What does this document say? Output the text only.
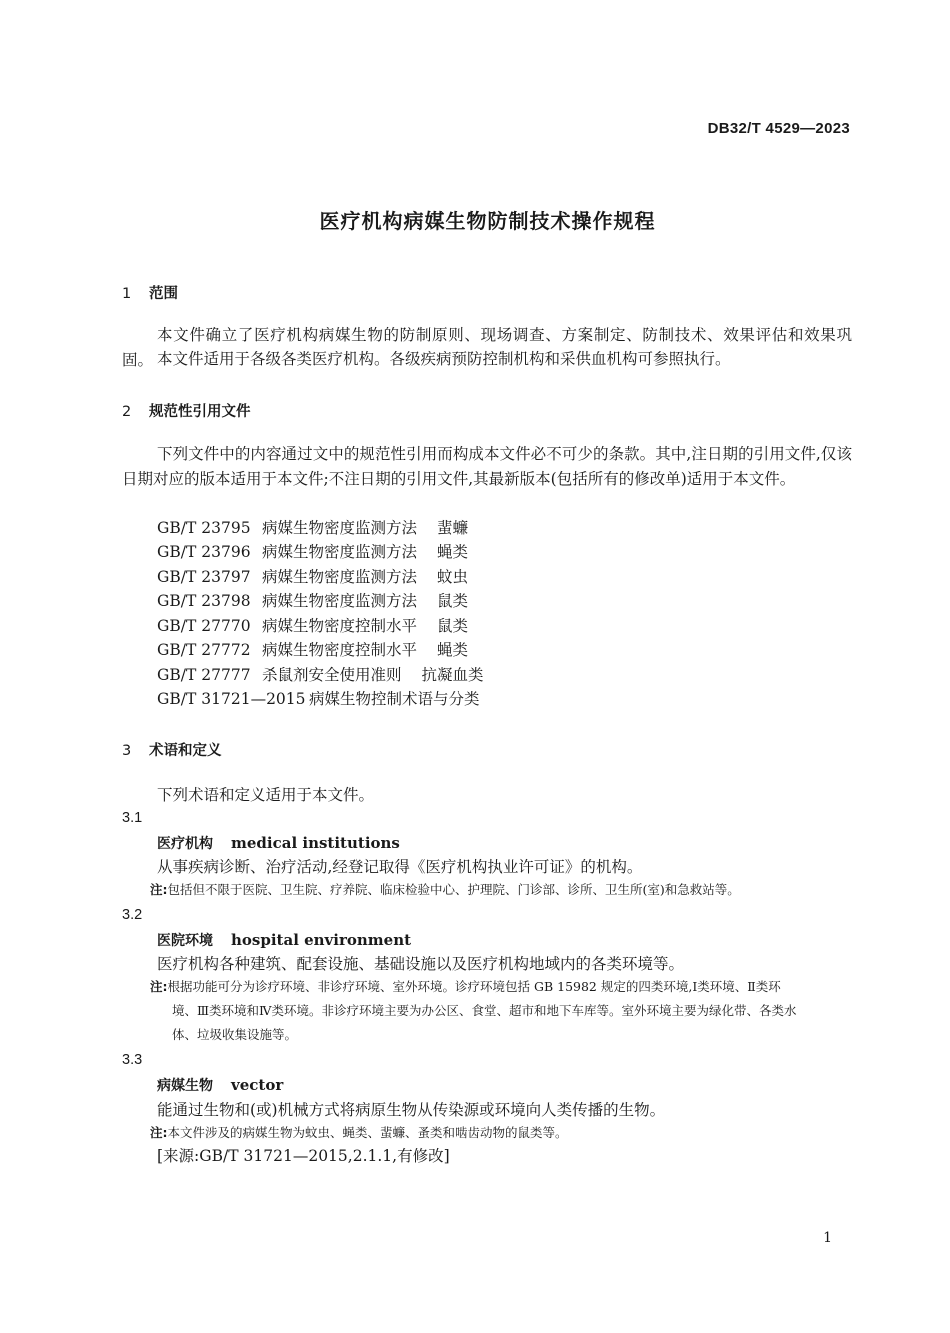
DB32/T 4529—2023
医疗机构病媒生物防制技术操作规程
1 范围
本文件确立了医疗机构病媒生物的防制原则、现场调查、方案制定、防制技术、效果评估和效果巩固。 本文件适用于各级各类医疗机构。各级疾病预防控制机构和采供血机构可参照执行。
2 规范性引用文件
下列文件中的内容通过文中的规范性引用而构成本文件必不可少的条款。其中,注日期的引用文件,仅该日期对应的版本适用于本文件;不注日期的引用文件,其最新版本(包括所有的修改单)适用于本文件。
GB/T 23795 病媒生物密度监测方法 蜚蠊
GB/T 23796 病媒生物密度监测方法 蝇类
GB/T 23797 病媒生物密度监测方法 蚊虫
GB/T 23798 病媒生物密度监测方法 鼠类
GB/T 27770 病媒生物密度控制水平 鼠类
GB/T 27772 病媒生物密度控制水平 蝇类
GB/T 27777 杀鼠剂安全使用准则 抗凝血类
GB/T 31721—2015 病媒生物控制术语与分类
3 术语和定义
下列术语和定义适用于本文件。
3.1
医疗机构 medical institutions
从事疾病诊断、治疗活动,经登记取得《医疗机构执业许可证》的机构。
注:包括但不限于医院、卫生院、疗养院、临床检验中心、护理院、门诊部、诊所、卫生所(室)和急救站等。
3.2
医院环境 hospital environment
医疗机构各种建筑、配套设施、基础设施以及医疗机构地域内的各类环境等。
注:根据功能可分为诊疗环境、非诊疗环境、室外环境。诊疗环境包括 GB 15982 规定的四类环境,Ⅰ类环境、Ⅱ类环
境、Ⅲ类环境和Ⅳ类环境。非诊疗环境主要为办公区、食堂、超市和地下车库等。室外环境主要为绿化带、各类水
体、垃圾收集设施等。
3.3
病媒生物 vector
能通过生物和(或)机械方式将病原生物从传染源或环境向人类传播的生物。
注:本文件涉及的病媒生物为蚊虫、蝇类、蜚蠊、蚤类和啮齿动物的鼠类等。
[来源:GB/T 31721—2015,2.1.1,有修改]
1
